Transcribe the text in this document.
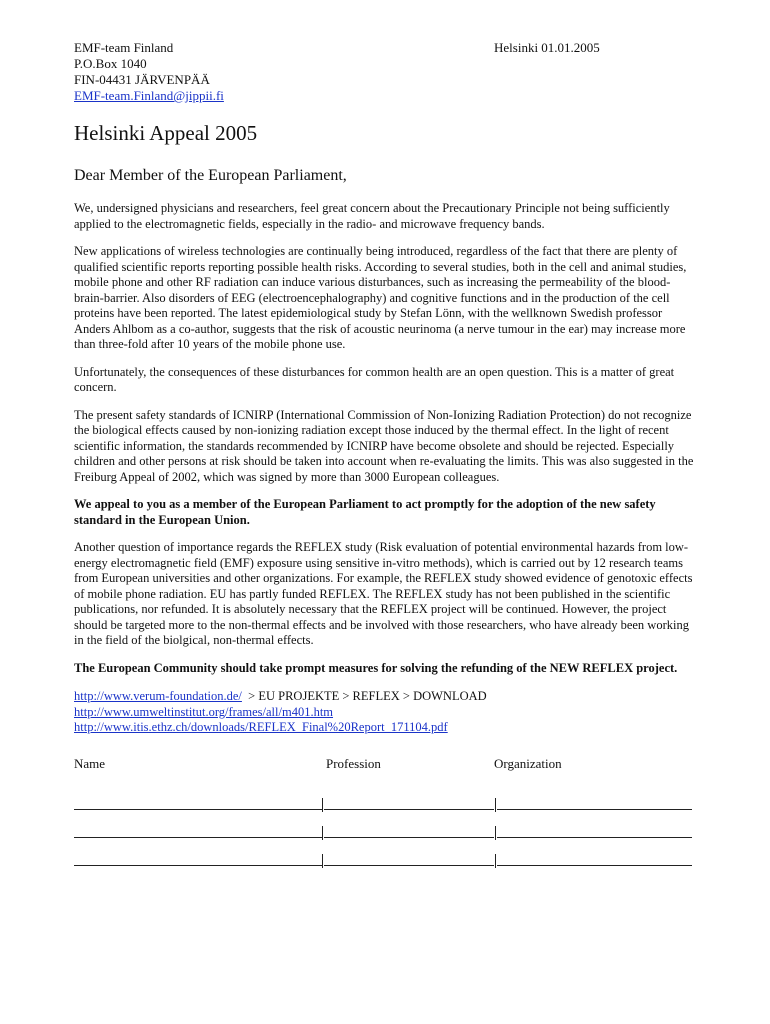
EMF-team Finland
P.O.Box 1040
FIN-04431 JÄRVENPÄÄ
EMF-team.Finland@jippii.fi
Helsinki 01.01.2005
Helsinki Appeal 2005
Dear Member of the European Parliament,

We, undersigned physicians and researchers, feel great concern about the Precautionary Principle not being sufficiently applied to the electromagnetic fields, especially in the radio- and microwave frequency bands.

New applications of wireless technologies are continually being introduced, regardless of the fact that there are plenty of qualified scientific reports reporting possible health risks. According to several studies, both in the cell and animal studies, mobile phone and other RF radiation can induce various disturbances, such as increasing the permeability of the blood-brain-barrier. Also disorders of EEG (electroencephalography) and cognitive functions and in the production of the cell proteins have been reported. The latest epidemiological study by Stefan Lönn, with the wellknown Swedish professor Anders Ahlbom as a co-author, suggests that the risk of acoustic neurinoma (a nerve tumour in the ear) may increase more than three-fold after 10 years of the mobile phone use.

Unfortunately, the consequences of these disturbances for common health are an open question. This is a matter of great concern.

The present safety standards of ICNIRP (International Commission of Non-Ionizing Radiation Protection) do not recognize the biological effects caused by non-ionizing radiation except those induced by the thermal effect. In the light of recent scientific information, the standards recommended by ICNIRP have become obsolete and should be rejected. Especially children and other persons at risk should be taken into account when re-evaluating the limits. This was also suggested in the Freiburg Appeal of 2002, which was signed by more than 3000 European colleagues.

We appeal to you as a member of the European Parliament to act promptly for the adoption of the new safety standard in the European Union.

Another question of importance regards the REFLEX study (Risk evaluation of potential environmental hazards from low-energy electromagnetic field (EMF) exposure using sensitive in-vitro methods), which is carried out by 12 research teams from European universities and other organizations. For example, the REFLEX study showed evidence of genotoxic effects of mobile phone radiation. EU has partly funded REFLEX. The REFLEX study has not been published in the scientific publications, nor refunded. It is absolutely necessary that the REFLEX project will be continued. However, the project should be targeted more to the non-thermal effects and be involved with those researchers, who have already been working in the field of the biolgical, non-thermal effects.

The European Community should take prompt measures for solving the refunding of the NEW REFLEX project.

http://www.verum-foundation.de/  > EU PROJEKTE > REFLEX > DOWNLOAD
http://www.umweltinstitut.org/frames/all/m401.htm
http://www.itis.ethz.ch/downloads/REFLEX_Final%20Report_171104.pdf
Name	Profession	Organization
